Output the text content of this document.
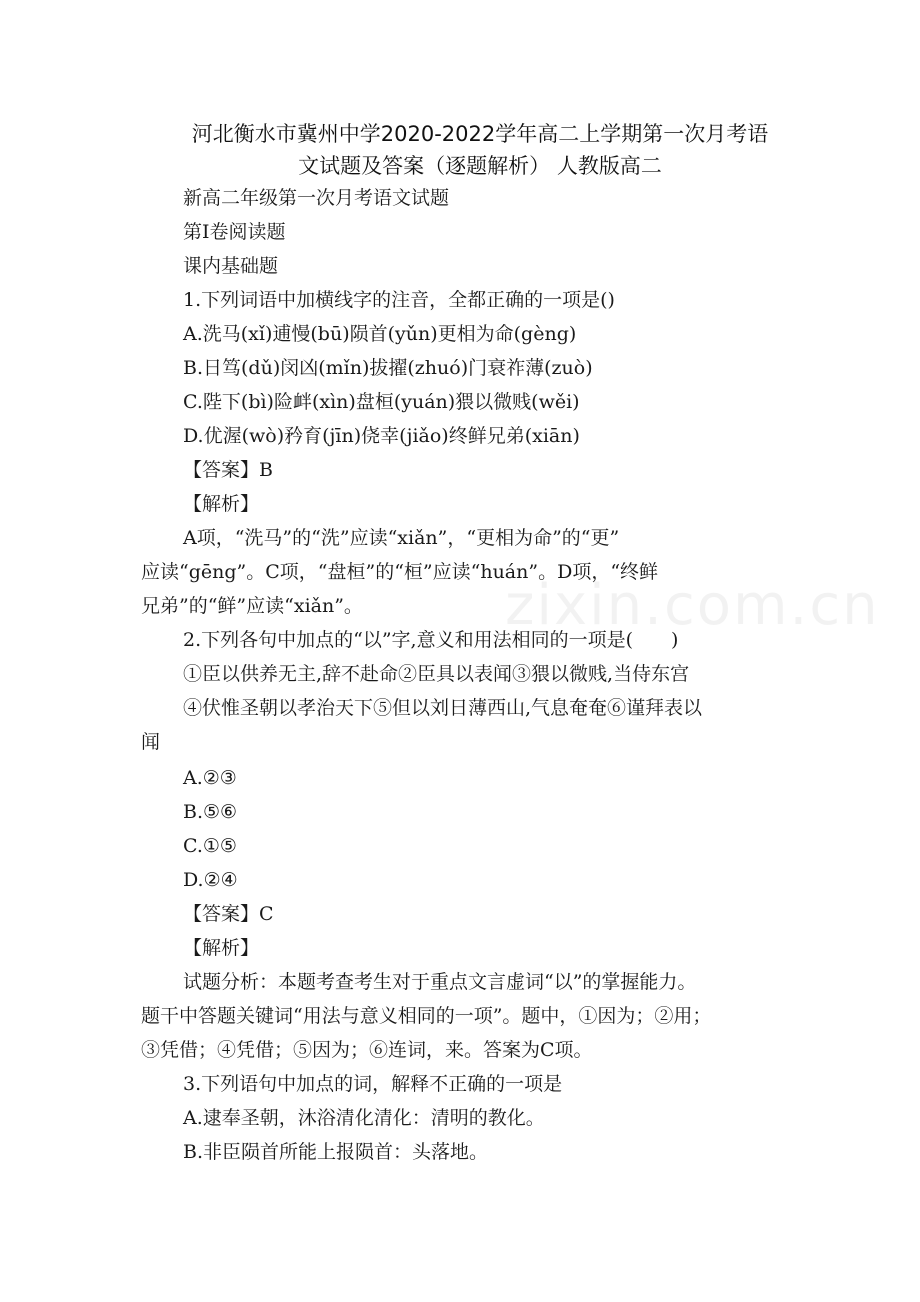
河北衡水市冀州中学2020-2022学年高二上学期第一次月考语
文试题及答案（逐题解析） 人教版高二
新高二年级第一次月考语文试题
第Ⅰ卷阅读题
课内基础题
1.下列词语中加横线字的注音，全都正确的一项是()
A.洗马(xǐ)逋慢(bū)陨首(yǔn)更相为命(gèng)
B.日笃(dǔ)闵凶(mǐn)拔擢(zhuó)门衰祚薄(zuò)
C.陛下(bì)险衅(xìn)盘桓(yuán)猥以微贱(wěi)
D.优渥(wò)矜育(jīn)侥幸(jiǎo)终鲜兄弟(xiān)
【答案】B
【解析】
A项，“洗马”的“洗”应读“xiǎn”，“更相为命”的“更”
应读“gēng”。C项，“盘桓”的“桓”应读“huán”。D项，“终鲜
兄弟”的“鲜”应读“xiǎn”。
2.下列各句中加点的“以”字,意义和用法相同的一项是(　　)
①臣以供养无主,辞不赴命②臣具以表闻③猥以微贱,当侍东宫
④伏惟圣朝以孝治天下⑤但以刘日薄西山,气息奄奄⑥谨拜表以
闻
A.②③
B.⑤⑥
C.①⑤
D.②④
【答案】C
【解析】
试题分析：本题考查考生对于重点文言虚词“以”的掌握能力。
题干中答题关键词“用法与意义相同的一项”。题中，①因为；②用；
③凭借；④凭借；⑤因为；⑥连词，来。答案为C项。
3.下列语句中加点的词，解释不正确的一项是
A.逮奉圣朝，沐浴清化清化：清明的教化。
B.非臣陨首所能上报陨首：头落地。
zixin.com.cn
